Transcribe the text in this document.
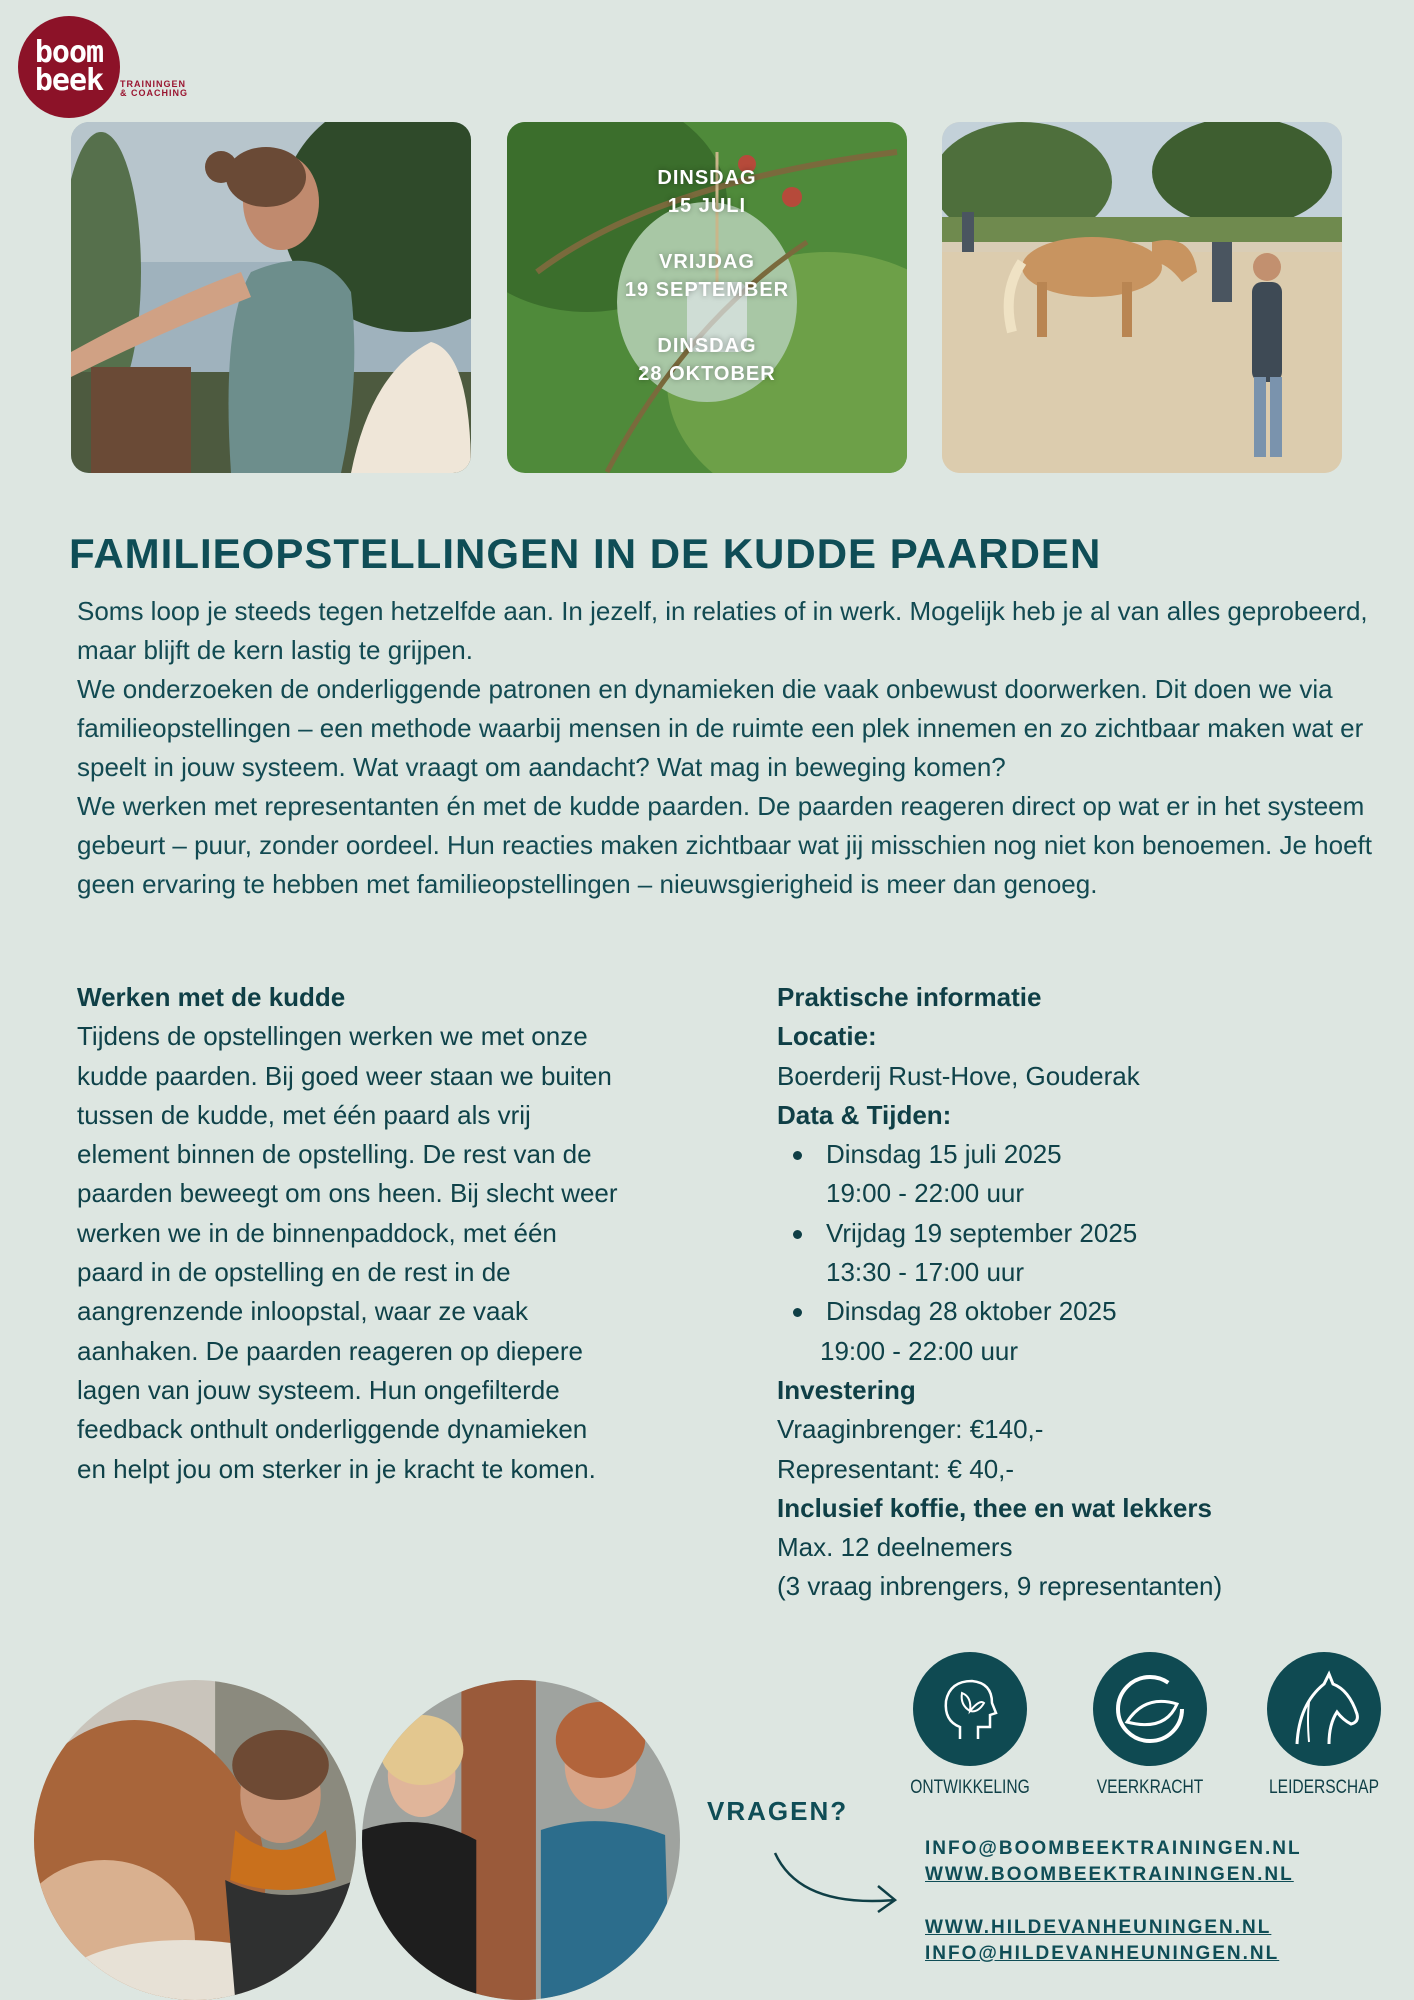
boom
beek TRAININGEN
& COACHING
DINSDAG
15 JULI
VRIJDAG
19 SEPTEMBER
DINSDAG
28 OKTOBER
FAMILIEOPSTELLINGEN IN DE KUDDE PAARDEN

Soms loop je steeds tegen hetzelfde aan. In jezelf, in relaties of in werk. Mogelijk heb je al van alles geprobeerd, maar blijft de kern lastig te grijpen.

We onderzoeken de onderliggende patronen en dynamieken die vaak onbewust doorwerken. Dit doen we via familieopstellingen – een methode waarbij mensen in de ruimte een plek innemen en zo zichtbaar maken wat er speelt in jouw systeem. Wat vraagt om aandacht? Wat mag in beweging komen?

We werken met representanten én met de kudde paarden. De paarden reageren direct op wat er in het systeem gebeurt – puur, zonder oordeel. Hun reacties maken zichtbaar wat jij misschien nog niet kon benoemen. Je hoeft geen ervaring te hebben met familieopstellingen – nieuwsgierigheid is meer dan genoeg.

Werken met de kudde
Tijdens de opstellingen werken we met onze
kudde paarden. Bij goed weer staan we buiten
tussen de kudde, met één paard als vrij
element binnen de opstelling. De rest van de
paarden beweegt om ons heen. Bij slecht weer
werken we in de binnenpaddock, met één
paard in de opstelling en de rest in de
aangrenzende inloopstal, waar ze vaak
aanhaken. De paarden reageren op diepere
lagen van jouw systeem. Hun ongefilterde
feedback onthult onderliggende dynamieken
en helpt jou om sterker in je kracht te komen.
Praktische informatie
Locatie:
Boerderij Rust-Hove, Gouderak
Data & Tijden:
Dinsdag 15 juli 2025
19:00 - 22:00 uur
Vrijdag 19 september 2025
13:30 - 17:00 uur
Dinsdag 28 oktober 2025
19:00 - 22:00 uur
Investering
Vraaginbrenger: €140,-
Representant: € 40,-
Inclusief koffie, thee en wat lekkers
Max. 12 deelnemers
(3 vraag inbrengers, 9 representanten)
VRAGEN?
ONTWIKKELING	VEERKRACHT	LEIDERSCHAP
INFO@BOOMBEEKTRAININGEN.NL
WWW.BOOMBEEKTRAININGEN.NL
WWW.HILDEVANHEUNINGEN.NL
INFO@HILDEVANHEUNINGEN.NL
